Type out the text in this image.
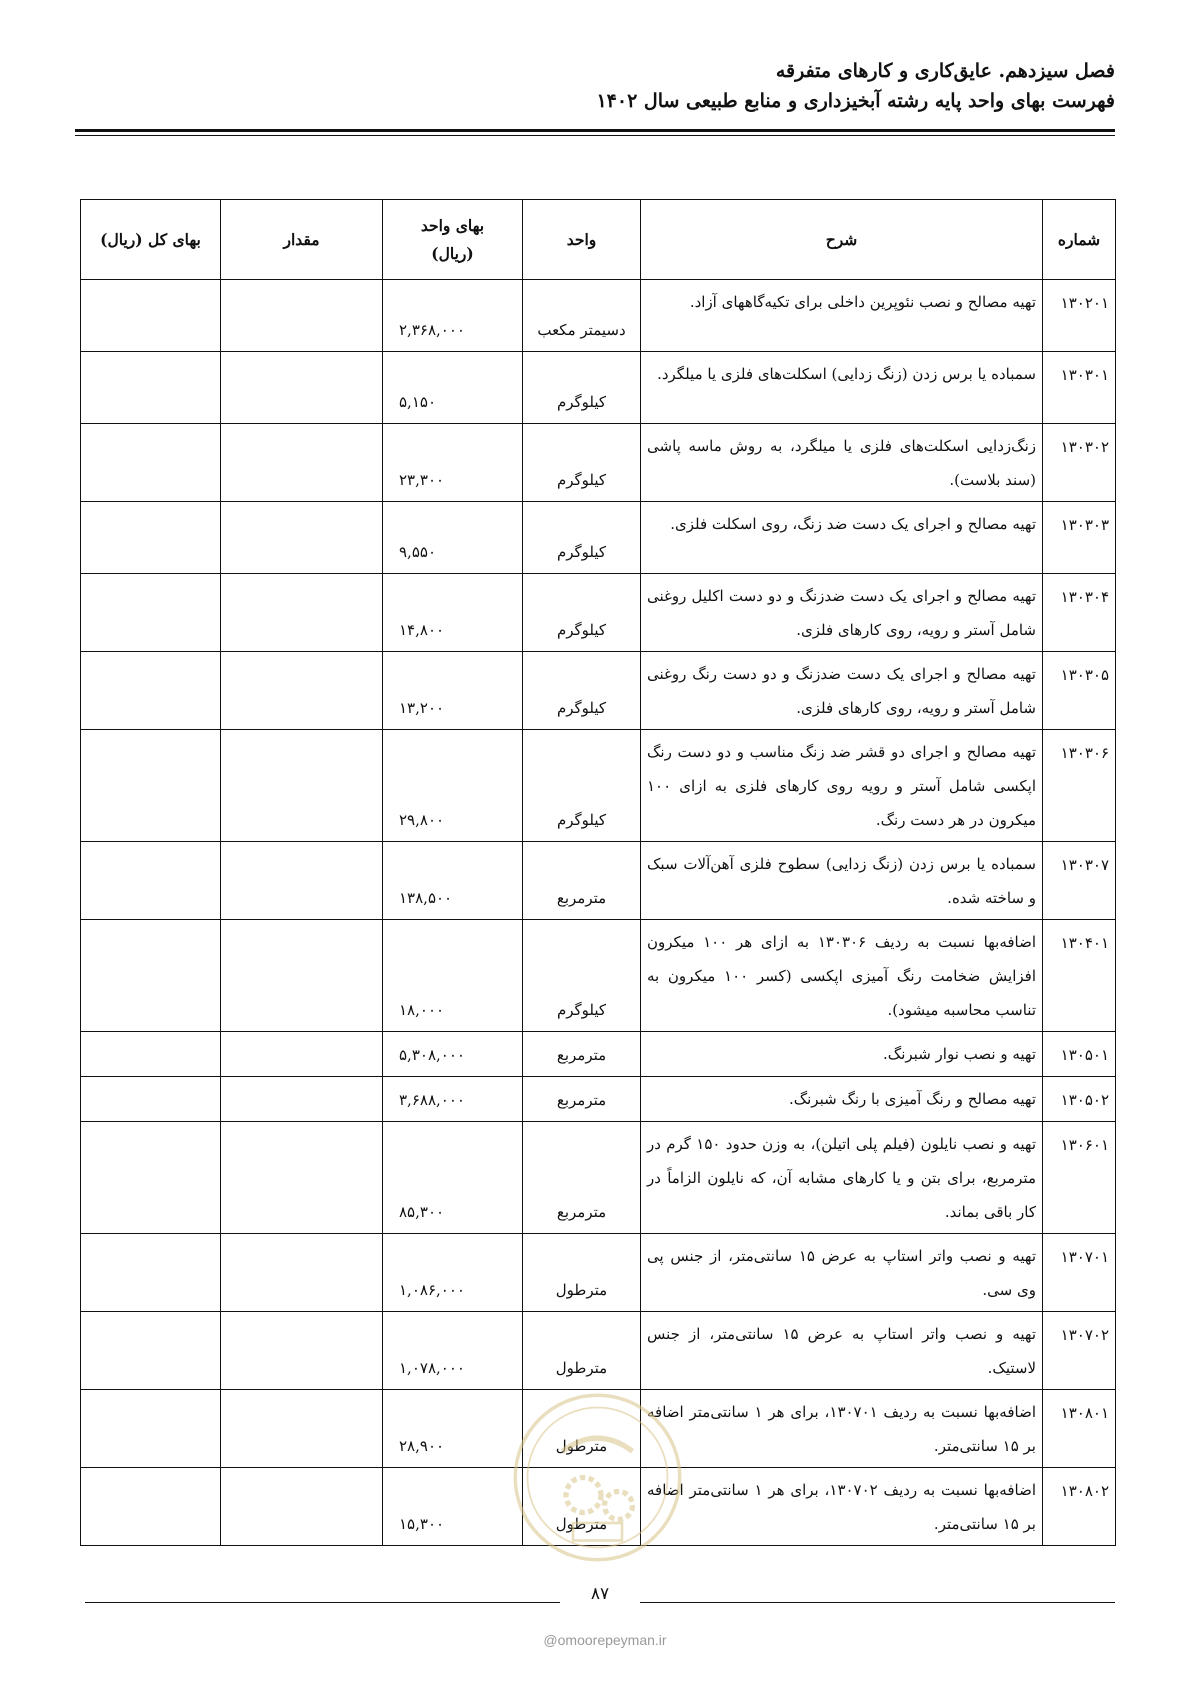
فصل سیزدهم. عایق‌کاری و کارهای متفرقه
فهرست بهای واحد پایه رشته آبخیزداری و منابع طبیعی سال ۱۴۰۲
شماره	شرح	واحد	بهای واحد (ریال)	مقدار	بهای کل (ریال)
۱۳۰۲۰۱	تهیه مصالح و نصب نئوپرین داخلی برای تکیه‌گاههای آزاد.	دسیمتر مکعب	۲,۳۶۸,۰۰۰		
۱۳۰۳۰۱	سمباده یا برس زدن (زنگ زدایی) اسکلت‌های فلزی یا میلگرد.	کیلوگرم	۵,۱۵۰		
۱۳۰۳۰۲	زنگ‌زدایی اسکلت‌های فلزی یا میلگرد، به روش ماسه پاشی (سند بلاست).	کیلوگرم	۲۳,۳۰۰		
۱۳۰۳۰۳	تهیه مصالح و اجرای یک دست ضد زنگ، روی اسکلت فلزی.	کیلوگرم	۹,۵۵۰		
۱۳۰۳۰۴	تهیه مصالح و اجرای یک دست ضدزنگ و دو دست اکلیل روغنی شامل آستر و رویه، روی کارهای فلزی.	کیلوگرم	۱۴,۸۰۰		
۱۳۰۳۰۵	تهیه مصالح و اجرای یک دست ضدزنگ و دو دست رنگ روغنی شامل آستر و رویه، روی کارهای فلزی.	کیلوگرم	۱۳,۲۰۰		
۱۳۰۳۰۶	تهیه مصالح و اجرای دو قشر ضد زنگ مناسب و دو دست رنگ اپکسی شامل آستر و رویه روی کارهای فلزی به ازای ۱۰۰ میکرون در هر دست رنگ.	کیلوگرم	۲۹,۸۰۰		
۱۳۰۳۰۷	سمباده یا برس زدن (زنگ زدایی) سطوح فلزی آهن‌آلات سبک و ساخته شده.	مترمربع	۱۳۸,۵۰۰		
۱۳۰۴۰۱	اضافه‌بها نسبت به ردیف ۱۳۰۳۰۶ به ازای هر ۱۰۰ میکرون افزایش ضخامت رنگ آمیزی اپکسی (کسر ۱۰۰ میکرون به تناسب محاسبه میشود).	کیلوگرم	۱۸,۰۰۰		
۱۳۰۵۰۱	تهیه و نصب نوار شبرنگ.	مترمربع	۵,۳۰۸,۰۰۰		
۱۳۰۵۰۲	تهیه مصالح و رنگ آمیزی با رنگ شبرنگ.	مترمربع	۳,۶۸۸,۰۰۰		
۱۳۰۶۰۱	تهیه و نصب نایلون (فیلم پلی اتیلن)، به وزن حدود ۱۵۰ گرم در مترمربع، برای بتن و یا کارهای مشابه آن، که نایلون الزاماً در کار باقی بماند.	مترمربع	۸۵,۳۰۰		
۱۳۰۷۰۱	تهیه و نصب واتر استاپ به عرض ۱۵ سانتی‌متر، از جنس پی وی سی.	مترطول	۱,۰۸۶,۰۰۰		
۱۳۰۷۰۲	تهیه و نصب واتر استاپ به عرض ۱۵ سانتی‌متر، از جنس لاستیک.	مترطول	۱,۰۷۸,۰۰۰		
۱۳۰۸۰۱	اضافه‌بها نسبت به ردیف ۱۳۰۷۰۱، برای هر ۱ سانتی‌متر اضافه بر ۱۵ سانتی‌متر.	مترطول	۲۸,۹۰۰		
۱۳۰۸۰۲	اضافه‌بها نسبت به ردیف ۱۳۰۷۰۲، برای هر ۱ سانتی‌متر اضافه بر ۱۵ سانتی‌متر.	مترطول	۱۵,۳۰۰		
۸۷
@omoorepeyman.ir
